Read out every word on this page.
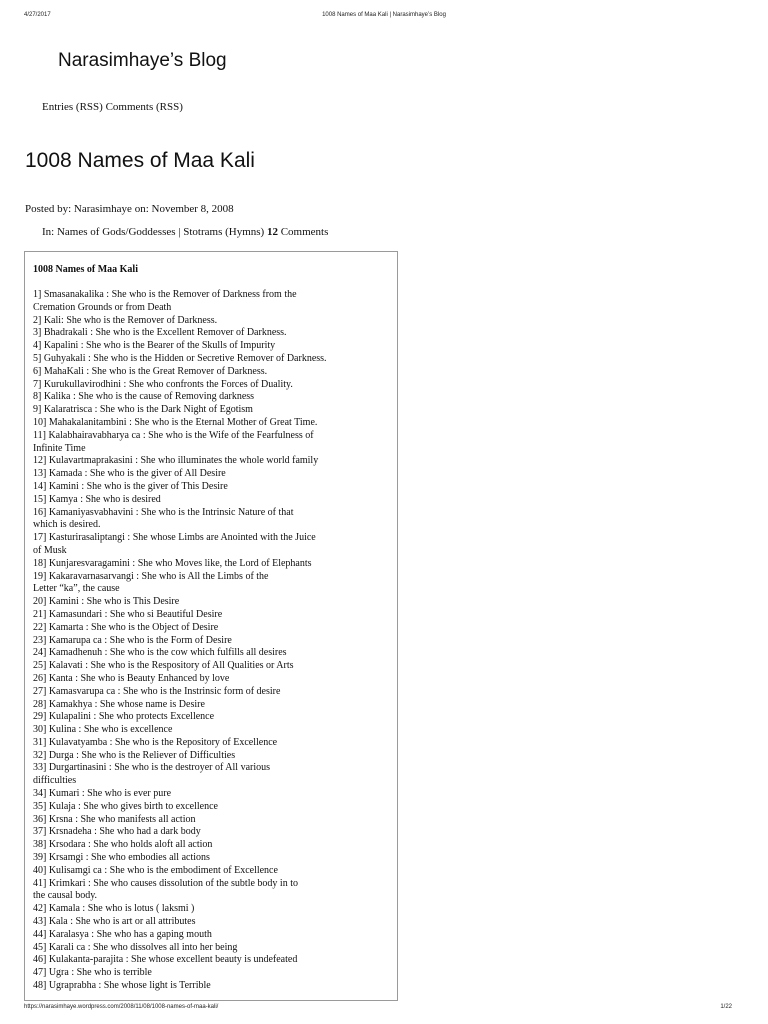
4/27/2017	1008 Names of Maa Kali | Narasimhaye’s Blog
Narasimhaye’s Blog
Entries (RSS) Comments (RSS)
1008 Names of Maa Kali
Posted by: Narasimhaye on: November 8, 2008
In: Names of Gods/Goddesses | Stotrams (Hymns) 12 Comments
1008 Names of Maa Kali
1] Smasanakalika : She who is the Remover of Darkness from the
Cremation Grounds or from Death
2] Kali: She who is the Remover of Darkness.
3] Bhadrakali : She who is the Excellent Remover of Darkness.
4] Kapalini : She who is the Bearer of the Skulls of Impurity
5] Guhyakali : She who is the Hidden or Secretive Remover of Darkness.
6] MahaKali : She who is the Great Remover of Darkness.
7] Kurukullavirodhini : She who confronts the Forces of Duality.
8] Kalika : She who is the cause of Removing darkness
9] Kalaratrisca : She who is the Dark Night of Egotism
10] Mahakalanitambini : She who is the Eternal Mother of Great Time.
11] Kalabhairavabharya ca : She who is the Wife of the Fearfulness of
Infinite Time
12] Kulavartmaprakasini : She who illuminates the whole world family
13] Kamada : She who is the giver of All Desire
14] Kamini : She who is the giver of This Desire
15] Kamya : She who is desired
16] Kamaniyasvabhavini : She who is the Intrinsic Nature of that
which is desired.
17] Kasturirasaliptangi : She whose Limbs are Anointed with the Juice
of Musk
18] Kunjaresvaragamini : She who Moves like, the Lord of Elephants
19] Kakaravarnasarvangi : She who is All the Limbs of the
Letter “ka”, the cause
20] Kamini : She who is This Desire
21] Kamasundari : She who si Beautiful Desire
22] Kamarta : She who is the Object of Desire
23] Kamarupa ca : She who is the Form of Desire
24] Kamadhenuh : She who is the cow which fulfills all desires
25] Kalavati : She who is the Respository of All Qualities or Arts
26] Kanta : She who is Beauty Enhanced by love
27] Kamasvarupa ca : She who is the Instrinsic form of desire
28] Kamakhya : She whose name is Desire
29] Kulapalini : She who protects Excellence
30] Kulina : She who is excellence
31] Kulavatyamba : She who is the Repository of Excellence
32] Durga : She who is the Reliever of Difficulties
33] Durgartinasini : She who is the destroyer of All various
difficulties
34] Kumari : She who is ever pure
35] Kulaja : She who gives birth to excellence
36] Krsna : She who manifests all action
37] Krsnadeha : She who had a dark body
38] Krsodara : She who holds aloft all action
39] Krsamgi : She who embodies all actions
40] Kulisamgi ca : She who is the embodiment of Excellence
41] Krimkari : She who causes dissolution of the subtle body in to
the causal body.
42] Kamala : She who is lotus ( laksmi )
43] Kala : She who is art or all attributes
44] Karalasya : She who has a gaping mouth
45] Karali ca : She who dissolves all into her being
46] Kulakanta-parajita : She whose excellent beauty is undefeated
47] Ugra : She who is terrible
48] Ugraprabha : She whose light is Terrible
https://narasimhaye.wordpress.com/2008/11/08/1008-names-of-maa-kali/	1/22
